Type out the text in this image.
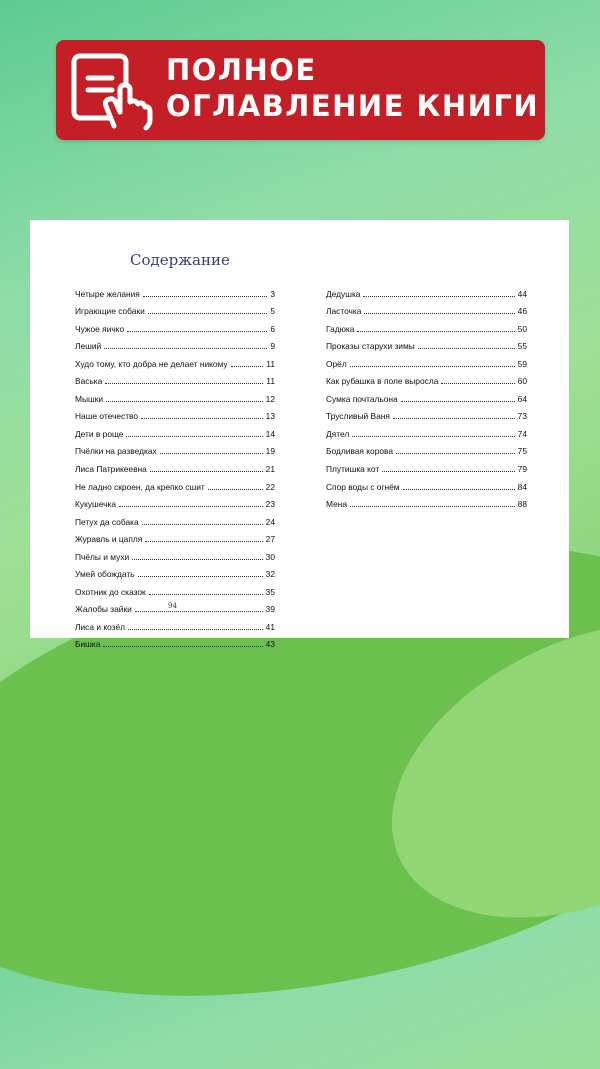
ПОЛНОЕ
ОГЛАВЛЕНИЕ КНИГИ
Содержание
Четыре желания	3
Играющие собаки	5
Чужое яичко	6
Леший	9
Худо тому, кто добра не делает никому	11
Васька	11
Мышки	12
Наше отечество	13
Дети в роще	14
Пчёлки на разведках	19
Лиса Патрикеевна	21
Не ладно скроен, да крепко сшит	22
Кукушечка	23
Петух да собака	24
Журавль и цапля	27
Пчёлы и мухи	30
Умей обождать	32
Охотник до сказок	35
Жалобы зайки	39
Лиса и козёл	41
Бишка	43
Дедушка	44
Ласточка	46
Гадюка	50
Проказы старухи зимы	55
Орёл	59
Как рубашка в поле выросла	60
Сумка почтальона	64
Трусливый Ваня	73
Дятел	74
Бодливая корова	75
Плутишка кот	79
Спор воды с огнём	84
Мена	88
94
